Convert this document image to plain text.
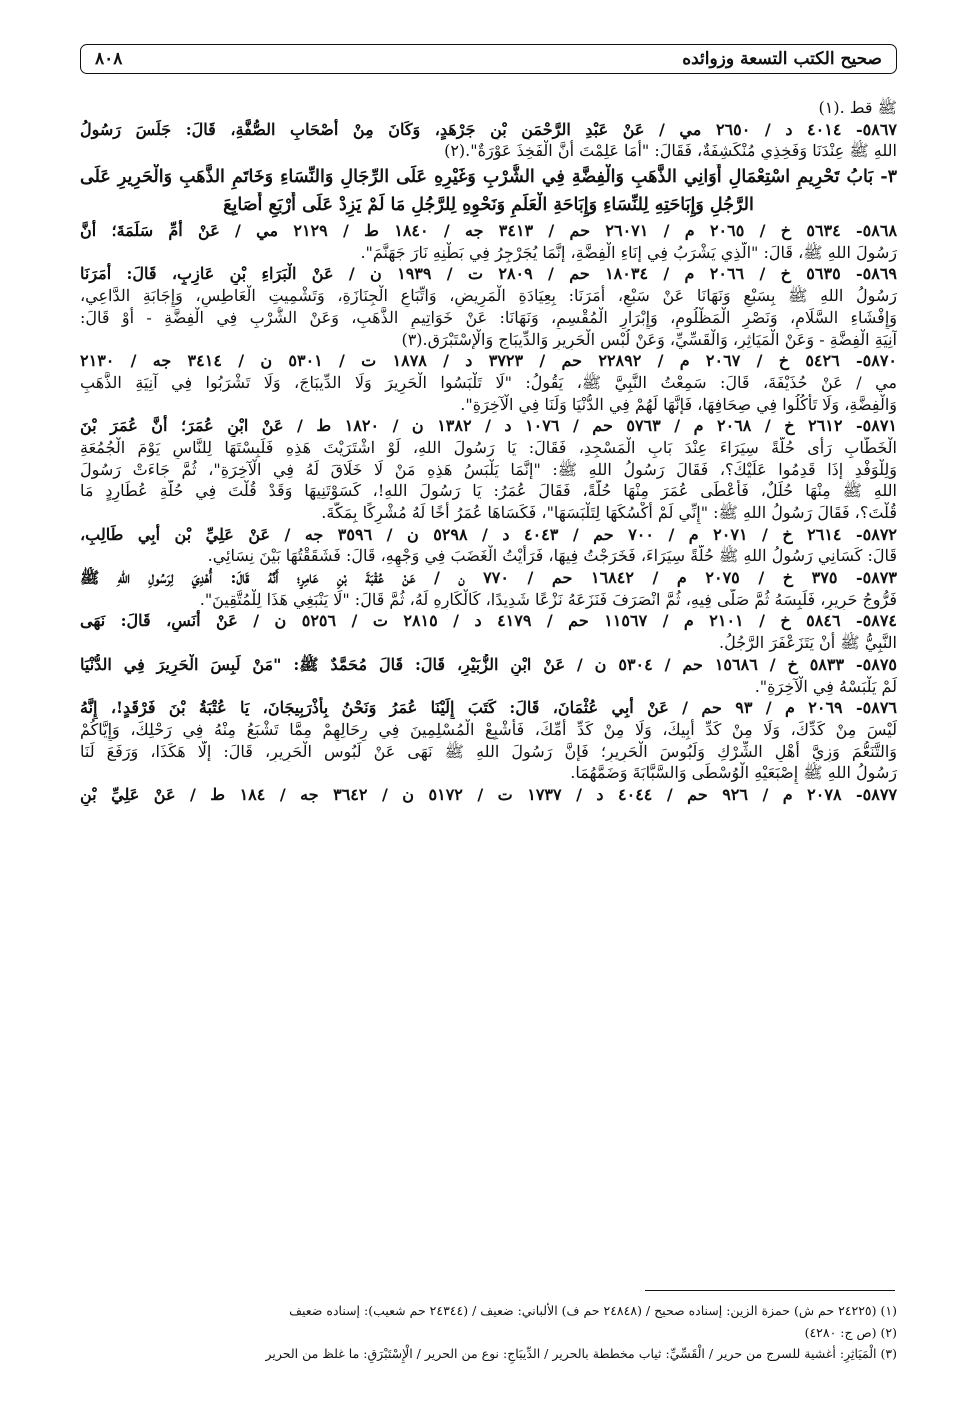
صحيح الكتب التسعة وزوائده
٨٠٨
ﷺ قط .(١)
٥٨٦٧- ٤٠١٤ د / ٢٦٥٠ مي / عَنْ عَبْدِ الرَّحْمَنِ بْنِ جَرْهَدٍ، وَكَانَ مِنْ أَصْحَابِ الصُّفَّةِ، قَالَ: جَلَسَ رَسُولُ
اللهِ ﷺ عِنْدَنَا وَفَخِذِي مُنْكَشِفَةٌ، فَقَالَ: "أَمَا عَلِمْتَ أَنَّ الْفَخِذَ عَوْرَةٌ".(٢)
٣- بَابُ تَحْرِيمِ اسْتِعْمَالِ أَوَانِي الذَّهَبِ وَالْفِضَّةِ فِي الشُّرْبِ وَغَيْرِهِ عَلَى الرِّجَالِ وَالنِّسَاءِ وَخَاتَمِ الذَّهَبِ وَالْحَرِيرِ عَلَى
الرَّجُلِ وَإِبَاحَتِهِ لِلنِّسَاءِ وَإِبَاحَةِ الْعَلَمِ وَنَحْوِهِ لِلرَّجُلِ مَا لَمْ يَزِدْ عَلَى أَرْبَعِ أَصَابِعَ
٥٨٦٨- ٥٦٣٤ خ / ٢٠٦٥ م / ٢٦٠٧١ حم / ٣٤١٣ جه / ١٨٤٠ ط / ٢١٢٩ مي / عَنْ أُمِّ سَلَمَةَ؛ أَنَّ
رَسُولَ اللهِ ﷺ، قَالَ: "الَّذِي يَشْرَبُ فِي إِنَاءِ الْفِضَّةِ، إِنَّمَا يُجَرْجِرُ فِي بَطْنِهِ نَارَ جَهَنَّمَ".
٥٨٦٩- ٥٦٣٥ خ / ٢٠٦٦ م / ١٨٠٣٤ حم / ٢٨٠٩ ت / ١٩٣٩ ن / عَنْ الْبَرَاءِ بْنِ عَازِبٍ، قَالَ: أَمَرَنَا
رَسُولُ اللهِ ﷺ بِسَبْعٍ وَنَهَانَا عَنْ سَبْعٍ، أَمَرَنَا: بِعِيَادَةِ الْمَرِيضِ، وَاتِّبَاعِ الْجِنَازَةِ، وَتَشْمِيتِ الْعَاطِسِ، وَإِجَابَةِ الدَّاعِي،
وَإِفْشَاءِ السَّلَامِ، وَنَصْرِ الْمَظْلُومِ، وَإِبْرَارِ الْمُقْسِمِ، وَنَهَانَا: عَنْ خَوَاتِيمِ الذَّهَبِ، وَعَنْ الشُّرْبِ فِي الْفِضَّةِ - أَوْ قَالَ:
آنِيَةِ الْفِضَّةِ - وَعَنْ الْمَيَاثِرِ، وَالْقَسِّيِّ، وَعَنْ لُبْسِ الْحَرِيرِ وَالدِّيبَاجِ وَالْإِسْتَبْرَقِ.(٣)
٥٨٧٠- ٥٤٢٦ خ / ٢٠٦٧ م / ٢٢٨٩٢ حم / ٣٧٢٣ د / ١٨٧٨ ت / ٥٣٠١ ن / ٣٤١٤ جه / ٢١٣٠
مي / عَنْ حُذَيْفَةَ، قَالَ: سَمِعْتُ النَّبِيَّ ﷺ، يَقُولُ: "لَا تَلْبَسُوا الْحَرِيرَ وَلَا الدِّيبَاجَ، وَلَا تَشْرَبُوا فِي آنِيَةِ الذَّهَبِ
وَالْفِضَّةِ، وَلَا تَأْكُلُوا فِي صِحَافِهَا، فَإِنَّهَا لَهُمْ فِي الدُّنْيَا وَلَنَا فِي الْآخِرَةِ".
٥٨٧١- ٢٦١٢ خ / ٢٠٦٨ م / ٥٧٦٣ حم / ١٠٧٦ د / ١٣٨٢ ن / ١٨٢٠ ط / عَنْ ابْنِ عُمَرَ؛ أَنَّ عُمَرَ بْنَ
الْخَطَّابِ رَأَى حُلَّةً سِيَرَاءَ عِنْدَ بَابِ الْمَسْجِدِ، فَقَالَ: يَا رَسُولَ اللهِ، لَوْ اشْتَرَيْتَ هَذِهِ فَلَبِسْتَهَا لِلنَّاسِ يَوْمَ الْجُمُعَةِ
وَلِلْوَفْدِ إِذَا قَدِمُوا عَلَيْكَ؟، فَقَالَ رَسُولُ اللهِ ﷺ: "إِنَّمَا يَلْبَسُ هَذِهِ مَنْ لَا خَلَاقَ لَهُ فِي الْآخِرَةِ"، ثُمَّ جَاءَتْ رَسُولَ
اللهِ ﷺ مِنْهَا حُلَلٌ، فَأَعْطَى عُمَرَ مِنْهَا حُلَّةً، فَقَالَ عُمَرُ: يَا رَسُولَ اللهِ!، كَسَوْتَنِيهَا وَقَدْ قُلْتَ فِي حُلَّةِ عُطَارِدٍ مَا
قُلْتَ؟، فَقَالَ رَسُولُ اللهِ ﷺ: "إِنِّي لَمْ أَكْسُكَهَا لِتَلْبَسَهَا"، فَكَسَاهَا عُمَرُ أَخًا لَهُ مُشْرِكًا بِمَكَّةَ.
٥٨٧٢- ٢٦١٤ خ / ٢٠٧١ م / ٧٠٠ حم / ٤٠٤٣ د / ٥٢٩٨ ن / ٣٥٩٦ جه / عَنْ عَلِيِّ بْنِ أَبِي طَالِبٍ،
قَالَ: كَسَانِي رَسُولُ اللهِ ﷺ حُلَّةً سِيَرَاءَ، فَخَرَجْتُ فِيهَا، فَرَأَيْتُ الْغَضَبَ فِي وَجْهِهِ، قَالَ: فَشَقَقْتُهَا بَيْنَ نِسَائِي.
٥٨٧٣- ٣٧٥ خ / ٢٠٧٥ م / ١٦٨٤٢ حم / ٧٧٠ ن / عَنْ عُقْبَةَ بْنِ عَامِرٍ؛ أَنَّهُ قَالَ: أُهْدِيَ لِرَسُولِ اللهِ ﷺ
فَرُّوجُ حَرِيرٍ، فَلَبِسَهُ ثُمَّ صَلَّى فِيهِ، ثُمَّ انْصَرَفَ فَنَزَعَهُ نَزْعًا شَدِيدًا، كَالْكَارِهِ لَهُ، ثُمَّ قَالَ: "لَا يَنْبَغِي هَذَا لِلْمُتَّقِينَ".
٥٨٧٤- ٥٨٤٦ خ / ٢١٠١ م / ١١٥٦٧ حم / ٤١٧٩ د / ٢٨١٥ ت / ٥٢٥٦ ن / عَنْ أَنَسٍ، قَالَ: نَهَى
النَّبِيُّ ﷺ أَنْ يَتَزَعْفَرَ الرَّجُلُ.
٥٨٧٥- ٥٨٣٣ خ / ١٥٦٨٦ حم / ٥٣٠٤ ن / عَنْ ابْنِ الزُّبَيْرِ، قَالَ: قَالَ مُحَمَّدٌ ﷺ: "مَنْ لَبِسَ الْحَرِيرَ فِي الدُّنْيَا
لَمْ يَلْبَسْهُ فِي الْآخِرَةِ".
٥٨٧٦- ٢٠٦٩ م / ٩٣ حم / عَنْ أَبِي عُثْمَانَ، قَالَ: كَتَبَ إِلَيْنَا عُمَرُ وَنَحْنُ بِأَذْرَبِيجَانَ، يَا عُتْبَةُ بْنَ فَرْقَدٍ!، إِنَّهُ
لَيْسَ مِنْ كَدِّكَ، وَلَا مِنْ كَدِّ أَبِيكَ، وَلَا مِنْ كَدِّ أُمِّكَ، فَأَشْبِعْ الْمُسْلِمِينَ فِي رِحَالِهِمْ مِمَّا تَشْبَعُ مِنْهُ فِي رَحْلِكَ، وَإِيَّاكُمْ
وَالتَّنَعُّمَ وَزِيَّ أَهْلِ الشِّرْكِ وَلَبُوسَ الْحَرِيرِ؛ فَإِنَّ رَسُولَ اللهِ ﷺ نَهَى عَنْ لَبُوسِ الْحَرِيرِ، قَالَ: إِلَّا هَكَذَا، وَرَفَعَ لَنَا
رَسُولُ اللهِ ﷺ إِصْبَعَيْهِ الْوُسْطَى وَالسَّبَّابَةَ وَضَمَّهُمَا.
٥٨٧٧- ٢٠٧٨ م / ٩٢٦ حم / ٤٠٤٤ د / ١٧٣٧ ت / ٥١٧٢ ن / ٣٦٤٢ جه / ١٨٤ ط / عَنْ عَلِيِّ بْنِ
(١) (٢٤٢٢٥ حم ش) حمزة الزين: إسناده صحيح / (٢٤٨٤٨ حم ف) الألباني: ضعيف / (٢٤٣٤٤ حم شعيب): إسناده ضعيف
(٢) (ص ج: ٤٢٨٠)
(٣) الْمَيَاثِرِ: أغشية للسرج من حرير / الْقَسِّيِّ: ثياب مخططة بالحرير / الدِّيبَاجِ: نوع من الحرير / الْإِسْتَبْرَقِ: ما غلظ من الحرير
